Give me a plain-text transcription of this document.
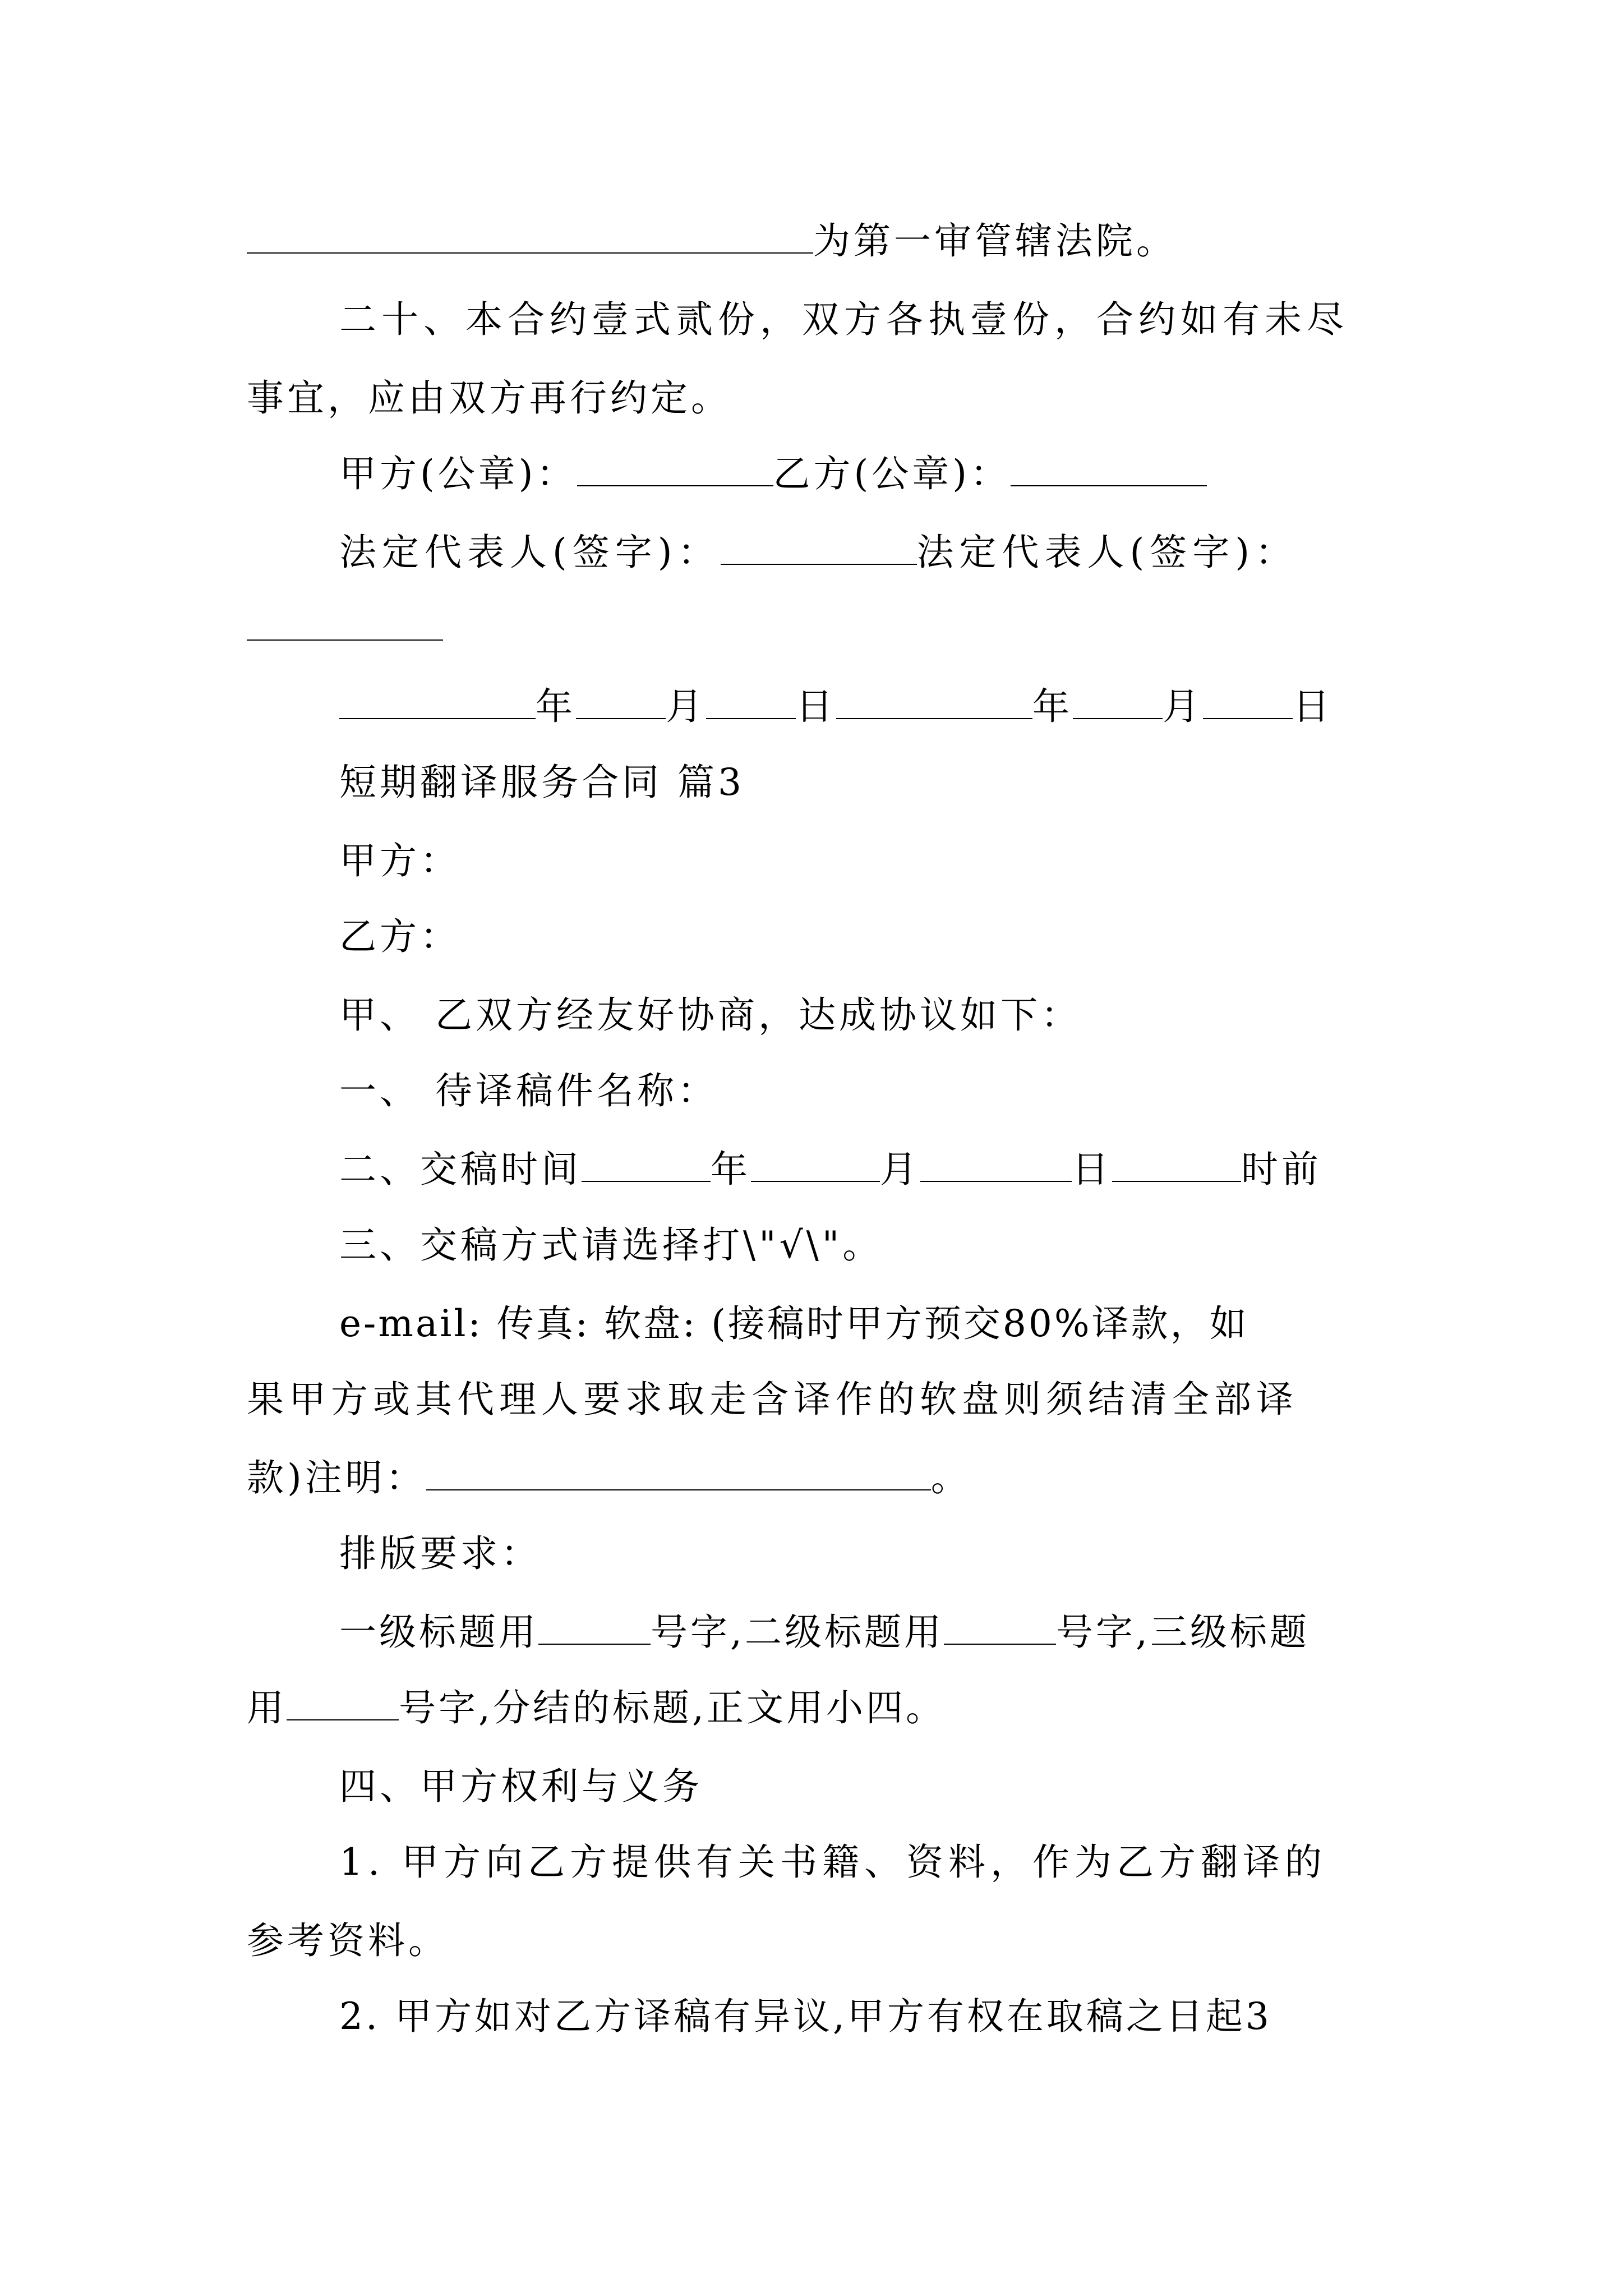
为第一审管辖法院。
二十、本合约壹式贰份，双方各执壹份，合约如有未尽
事宜，应由双方再行约定。
甲方(公章)：	乙方(公章)：
法定代表人(签字)：	法定代表人(签字)：
年 月 日	年 月 日
短期翻译服务合同 篇3
甲方：
乙方：
甲、 乙双方经友好协商，达成协议如下：
一、 待译稿件名称：
二、交稿时间	年	月	日	时前
三、交稿方式请选择打\"√\"。
e-mail: 传真: 软盘: (接稿时甲方预交80%译款，如
果甲方或其代理人要求取走含译作的软盘则须结清全部译
款)注明：	。
排版要求：
一级标题用	号字,二级标题用	号字,三级标题
用	号字,分结的标题,正文用小四。
四、甲方权利与义务
1. 甲方向乙方提供有关书籍、资料，作为乙方翻译的
参考资料。
2. 甲方如对乙方译稿有异议,甲方有权在取稿之日起3
